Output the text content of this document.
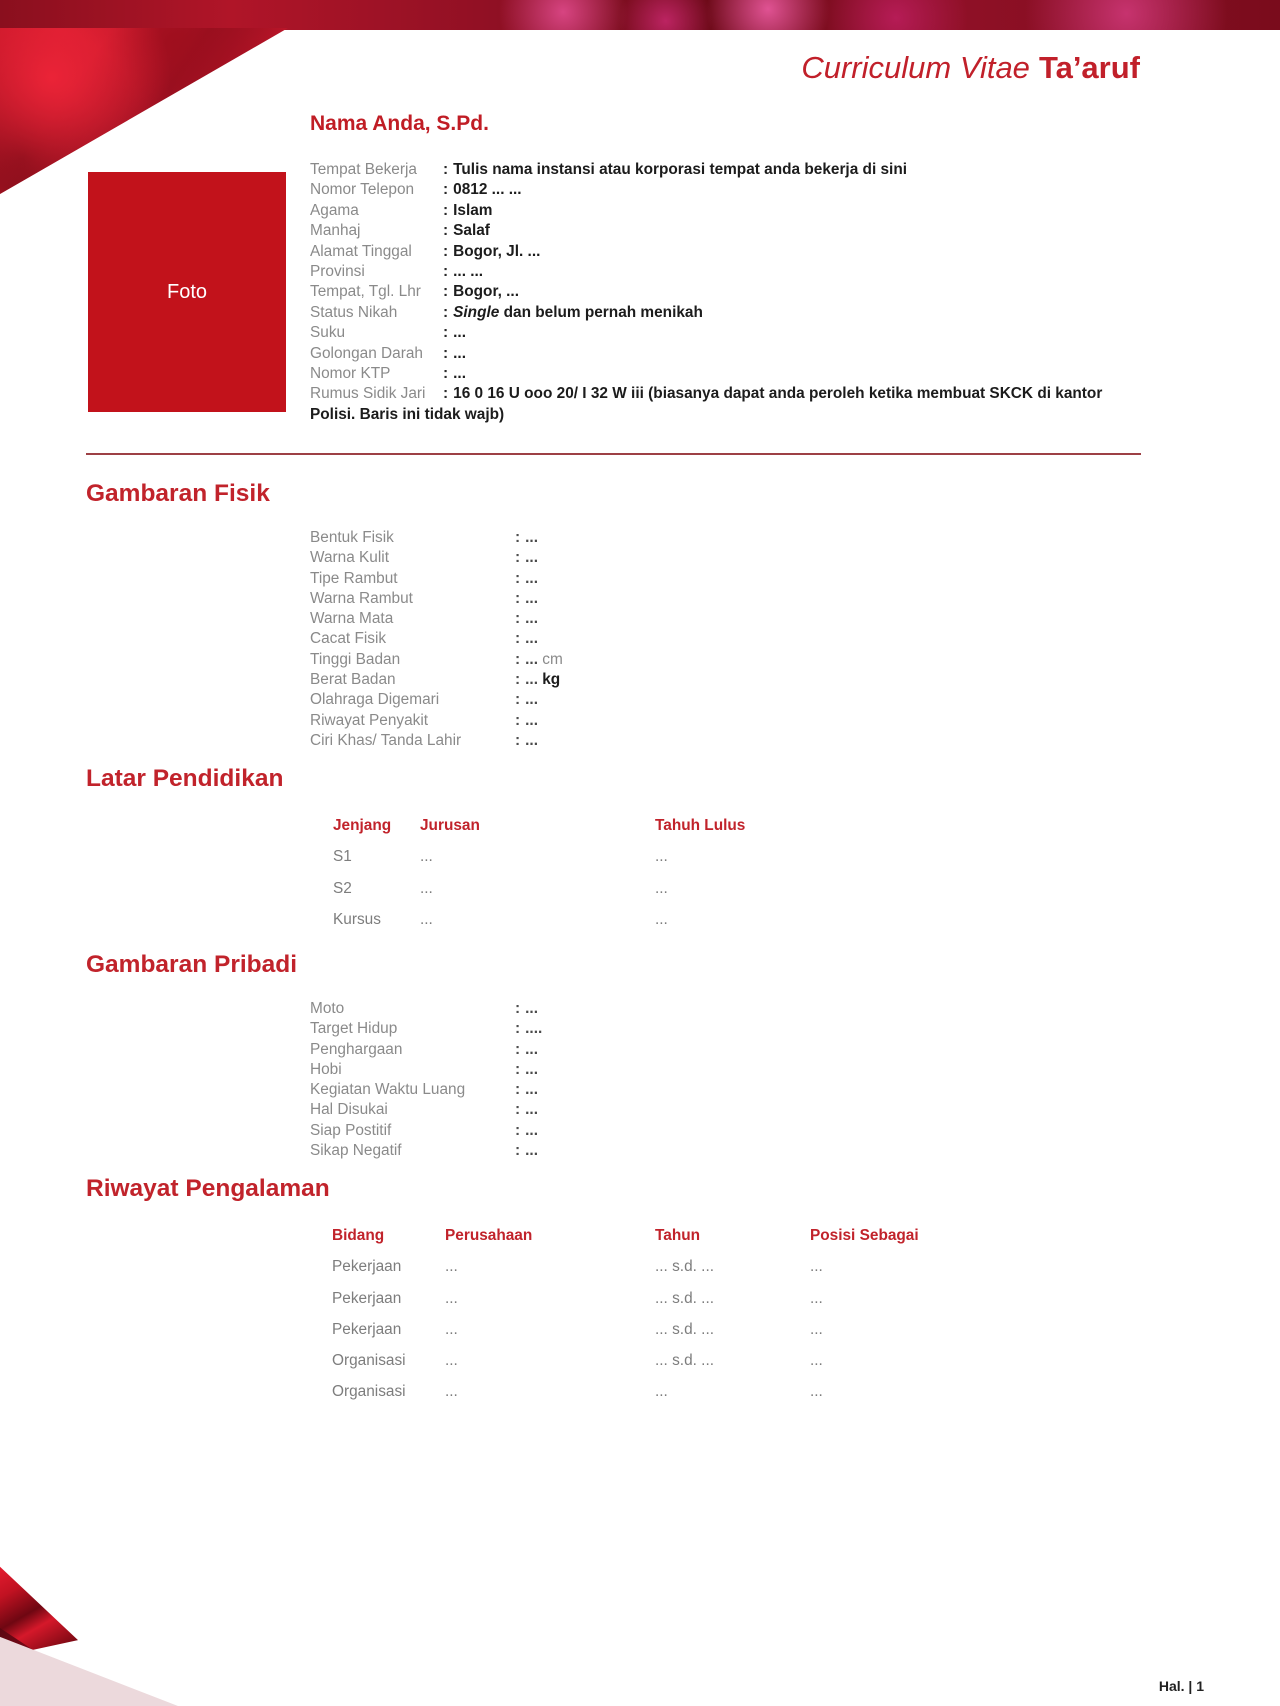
Curriculum Vitae Ta’aruf
Foto
Nama Anda, S.Pd.
Tempat Bekerja : Tulis nama instansi atau korporasi tempat anda bekerja di sini
Nomor Telepon : 0812 ... ...
Agama	: Islam
Manhaj	: Salaf
Alamat Tinggal : Bogor, Jl. ...
Provinsi	: ... ...
Tempat, Tgl. Lhr : Bogor, ...
Status Nikah	: Single dan belum pernah menikah
Suku	: ...
Golongan Darah : ...
Nomor KTP	: ...
Rumus Sidik Jari : 16 0 16 U ooo 20/ I 32 W iii (biasanya dapat anda peroleh ketika membuat SKCK di kantor Polisi. Baris ini tidak wajb)
Gambaran Fisik
Bentuk Fisik	: ...
Warna Kulit	: ...
Tipe Rambut	: ...
Warna Rambut	: ...
Warna Mata	: ...
Cacat Fisik	: ...
Tinggi Badan	: ... cm
Berat Badan	: ... kg
Olahraga Digemari	: ...
Riwayat Penyakit	: ...
Ciri Khas/ Tanda Lahir	: ...
Latar Pendidikan
Jenjang	Jurusan	Tahuh Lulus
S1	...	...
S2	...	...
Kursus	...	...
Gambaran Pribadi
Moto	: ...
Target Hidup	: ....
Penghargaan	: ...
Hobi	: ...
Kegiatan Waktu Luang	: ...
Hal Disukai	: ...
Siap Postitif	: ...
Sikap Negatif	: ...
Riwayat Pengalaman
Bidang	Perusahaan	Tahun	Posisi Sebagai
Pekerjaan	...	... s.d. ...	...
Pekerjaan	...	... s.d. ...	...
Pekerjaan	...	... s.d. ...	...
Organisasi	...	... s.d. ...	...
Organisasi	...	...	...
Hal. | 1
